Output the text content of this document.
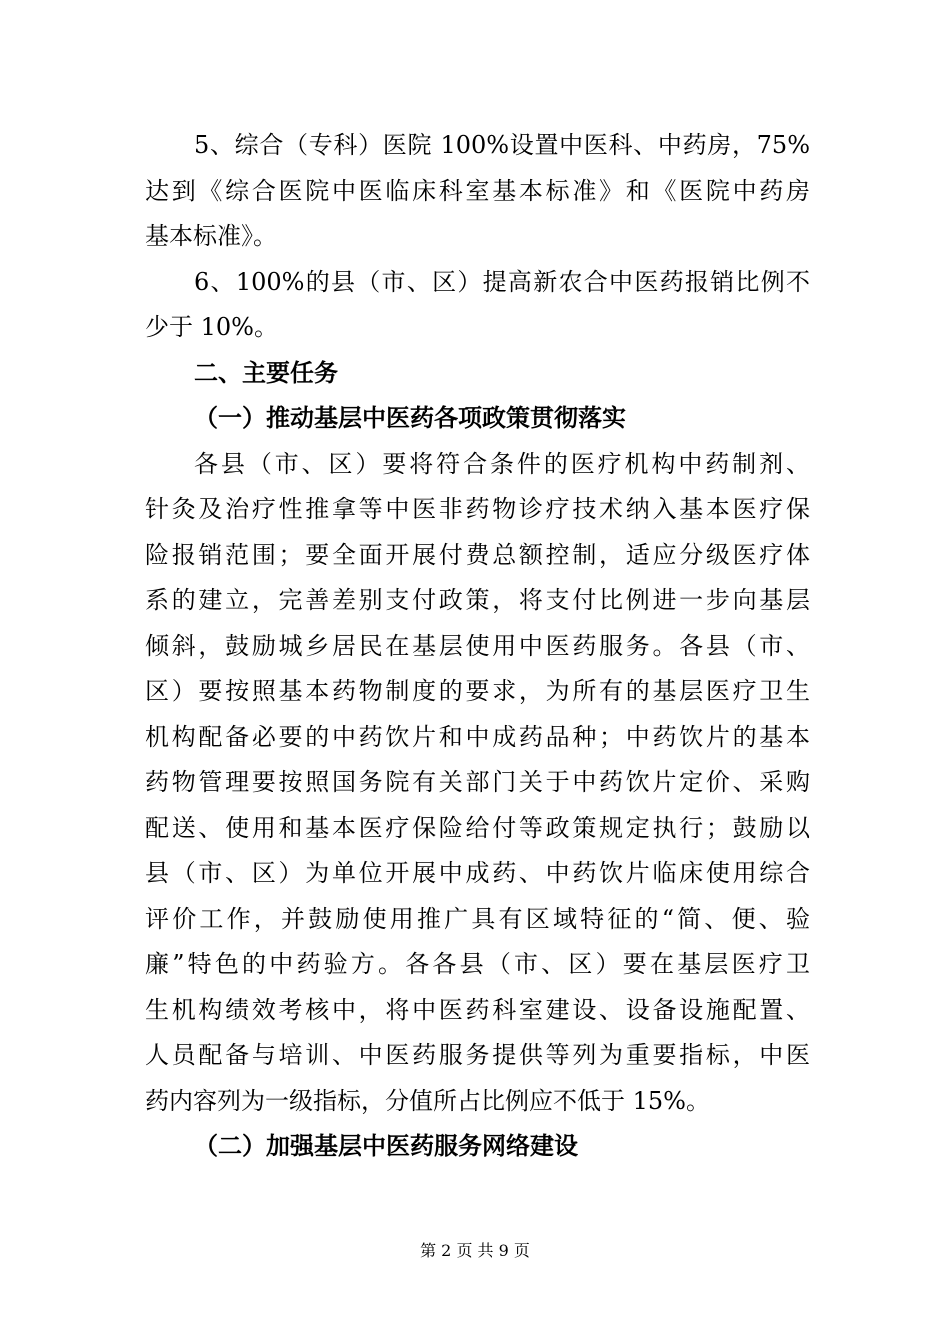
5、综合（专科）医院 100%设置中医科、中药房，75%
达到《综合医院中医临床科室基本标准》和《医院中药房
基本标准》。
6、100%的县（市、区）提高新农合中医药报销比例不
少于 10%。
二、主要任务
（一）推动基层中医药各项政策贯彻落实
各县（市、区）要将符合条件的医疗机构中药制剂、
针灸及治疗性推拿等中医非药物诊疗技术纳入基本医疗保
险报销范围；要全面开展付费总额控制，适应分级医疗体
系的建立，完善差别支付政策，将支付比例进一步向基层
倾斜，鼓励城乡居民在基层使用中医药服务。各县（市、
区）要按照基本药物制度的要求，为所有的基层医疗卫生
机构配备必要的中药饮片和中成药品种；中药饮片的基本
药物管理要按照国务院有关部门关于中药饮片定价、采购
配送、使用和基本医疗保险给付等政策规定执行；鼓励以
县（市、区）为单位开展中成药、中药饮片临床使用综合
评价工作，并鼓励使用推广具有区域特征的“简、便、验
廉”特色的中药验方。各各县（市、区）要在基层医疗卫
生机构绩效考核中，将中医药科室建设、设备设施配置、
人员配备与培训、中医药服务提供等列为重要指标，中医
药内容列为一级指标，分值所占比例应不低于 15%。
（二）加强基层中医药服务网络建设
第 2 页 共 9 页
